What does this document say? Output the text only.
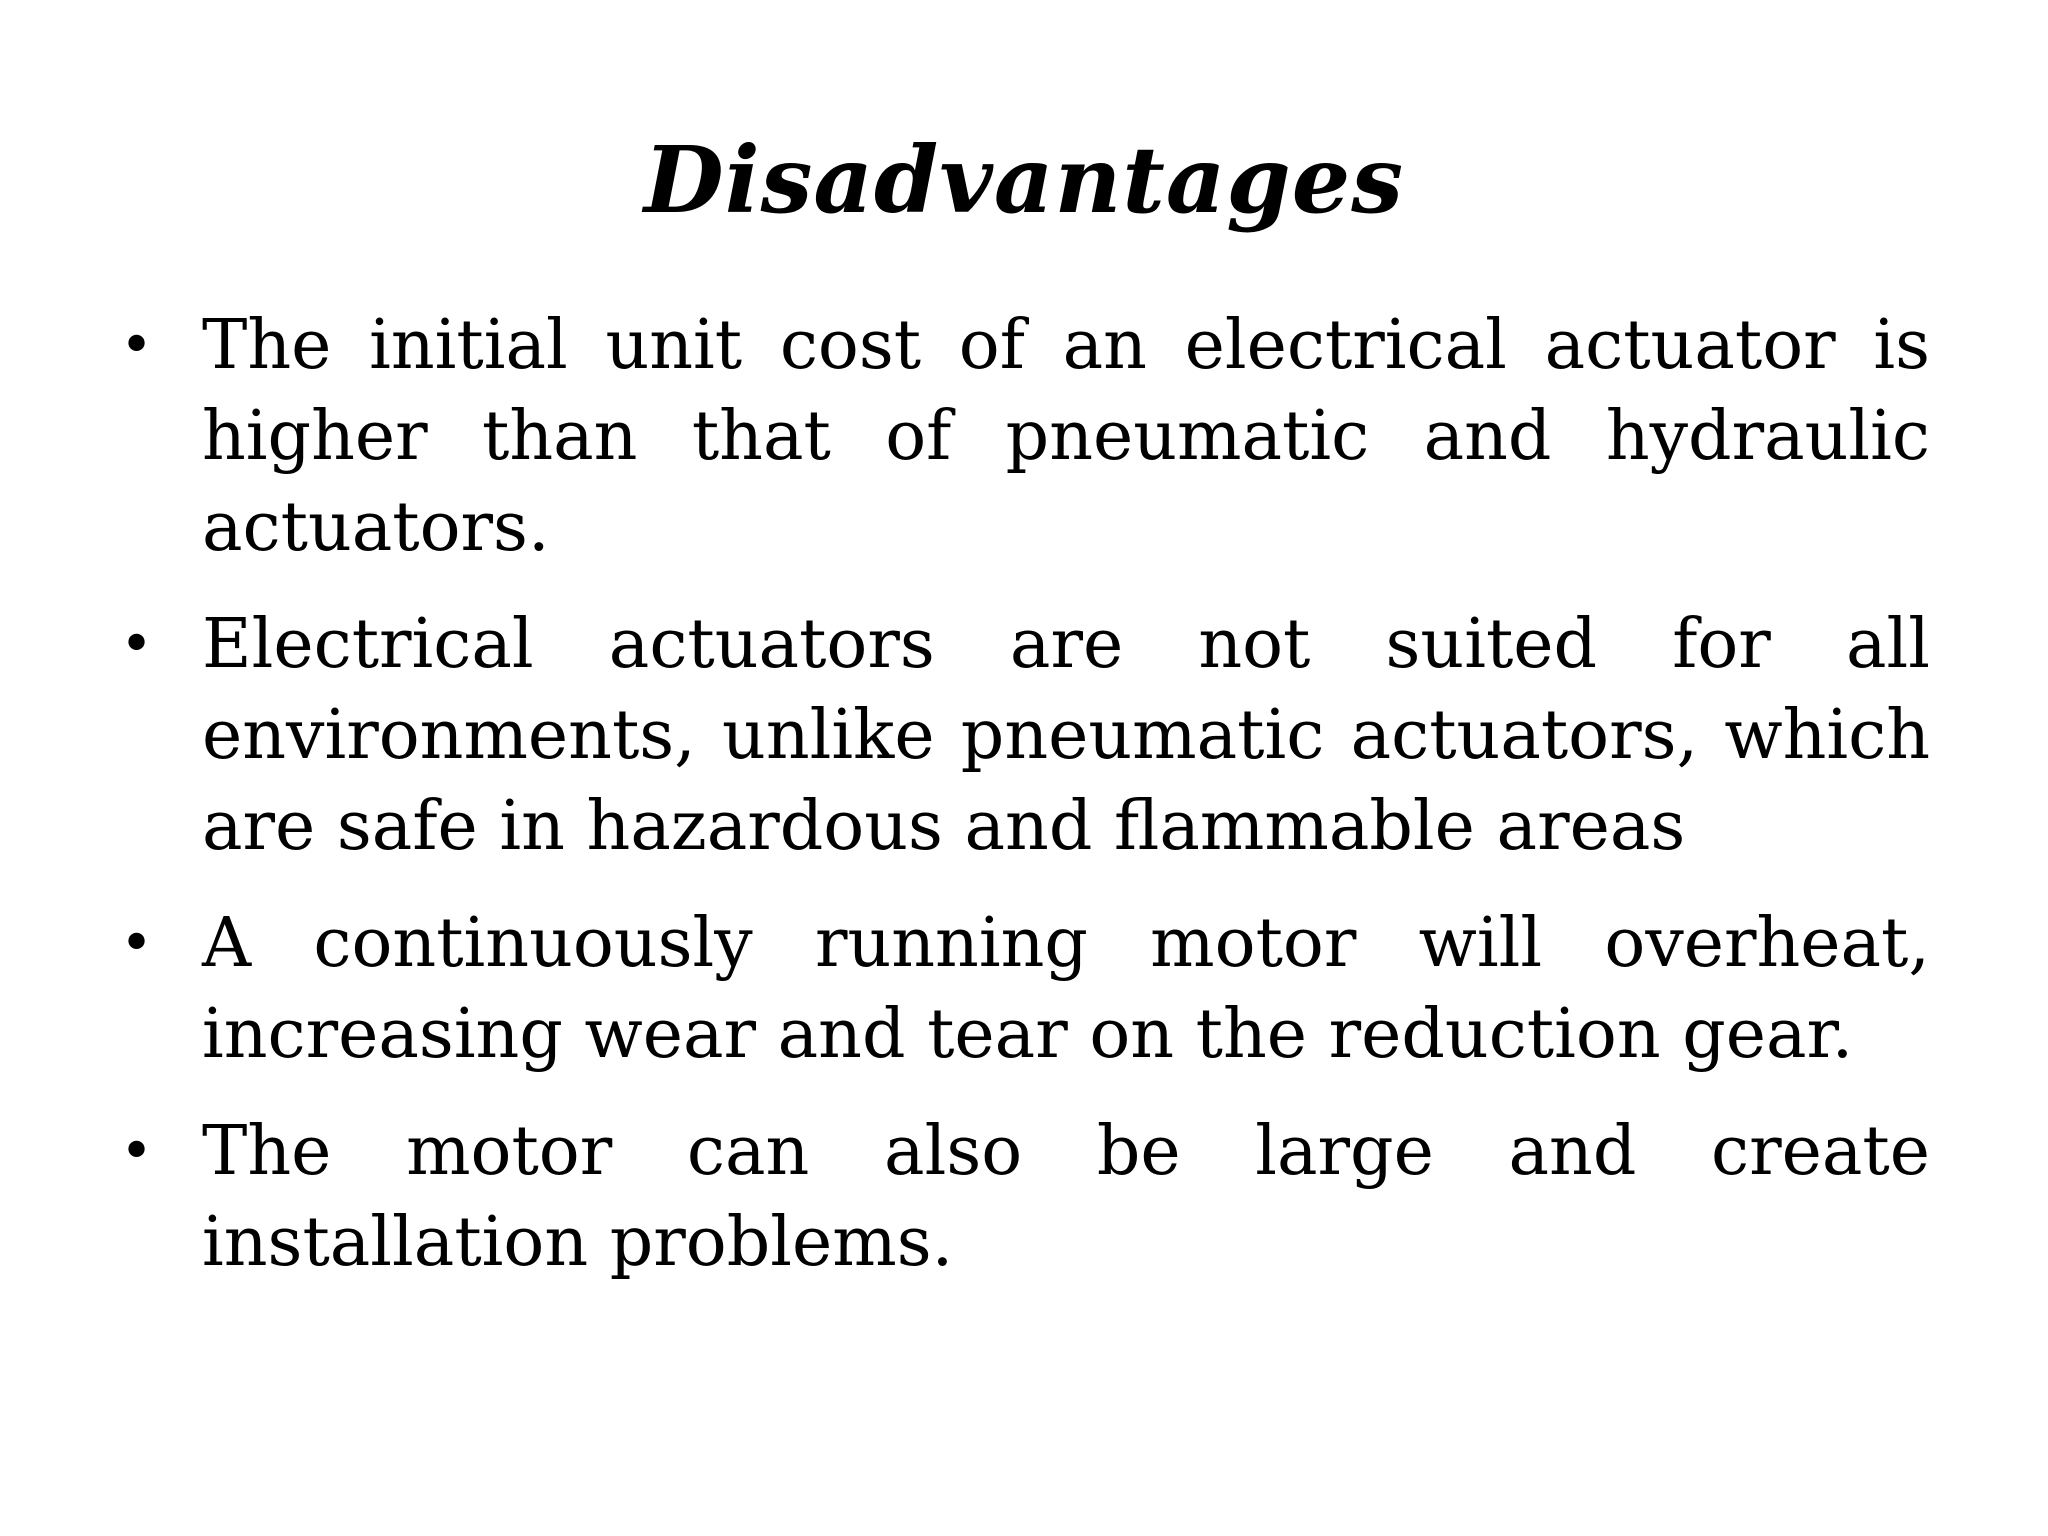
Disadvantages
• The initial unit cost of an electrical actuator is higher than that of pneumatic and hydraulic actuators.
• Electrical actuators are not suited for all environments, unlike pneumatic actuators, which are safe in hazardous and flammable areas
• A continuously running motor will overheat, increasing wear and tear on the reduction gear.
• The motor can also be large and create installation problems.
